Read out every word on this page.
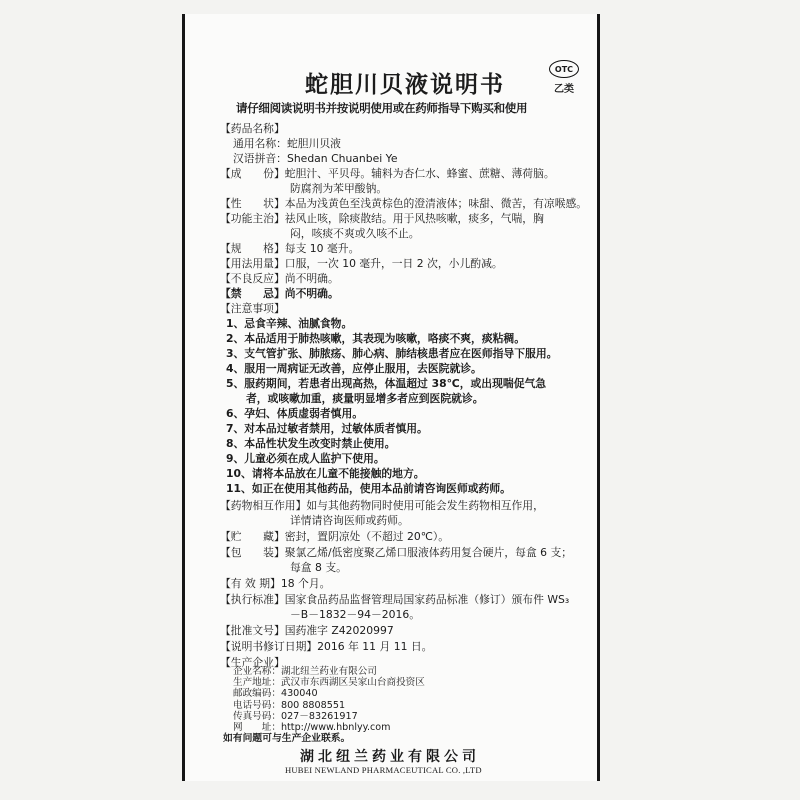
蛇胆川贝液说明书
OTC
乙类
请仔细阅读说明书并按说明使用或在药师指导下购买和使用
【药品名称】
通用名称：蛇胆川贝液
汉语拼音：Shedan Chuanbei Ye
【成　　份】蛇胆汁、平贝母。辅料为杏仁水、蜂蜜、蔗糖、薄荷脑。
防腐剂为苯甲酸钠。
【性　　状】本品为浅黄色至浅黄棕色的澄清液体；味甜、微苦，有凉喉感。
【功能主治】祛风止咳，除痰散结。用于风热咳嗽，痰多，气喘，胸
闷，咳痰不爽或久咳不止。
【规　　格】每支 10 毫升。
【用法用量】口服，一次 10 毫升，一日 2 次，小儿酌减。
【不良反应】尚不明确。
【禁　　忌】尚不明确。
【注意事项】
1、忌食辛辣、油腻食物。
2、本品适用于肺热咳嗽，其表现为咳嗽，咯痰不爽，痰粘稠。
3、支气管扩张、肺脓疡、肺心病、肺结核患者应在医师指导下服用。
4、服用一周病证无改善，应停止服用，去医院就诊。
5、服药期间，若患者出现高热，体温超过 38℃，或出现喘促气急
者，或咳嗽加重，痰量明显增多者应到医院就诊。
6、孕妇、体质虚弱者慎用。
7、对本品过敏者禁用，过敏体质者慎用。
8、本品性状发生改变时禁止使用。
9、儿童必须在成人监护下使用。
10、请将本品放在儿童不能接触的地方。
11、如正在使用其他药品，使用本品前请咨询医师或药师。
【药物相互作用】如与其他药物同时使用可能会发生药物相互作用，
详情请咨询医师或药师。
【贮　　藏】密封，置阴凉处（不超过 20℃）。
【包　　装】聚氯乙烯/低密度聚乙烯口服液体药用复合硬片，每盒 6 支；
每盒 8 支。
【有 效 期】18 个月。
【执行标准】国家食品药品监督管理局国家药品标准（修订）颁布件 WS₃
－B－1832－94－2016。
【批准文号】国药准字 Z42020997
【说明书修订日期】2016 年 11 月 11 日。
【生产企业】
企业名称：湖北纽兰药业有限公司
生产地址：武汉市东西湖区吴家山台商投资区
邮政编码：430040
湖北纽兰药业有限公司
HUBEI NEWLAND PHARMACEUTICAL CO. ,LTD
电话号码：800 8808551
传真号码：027－83261917
网　　址：http://www.hbnlyy.com
如有问题可与生产企业联系。
